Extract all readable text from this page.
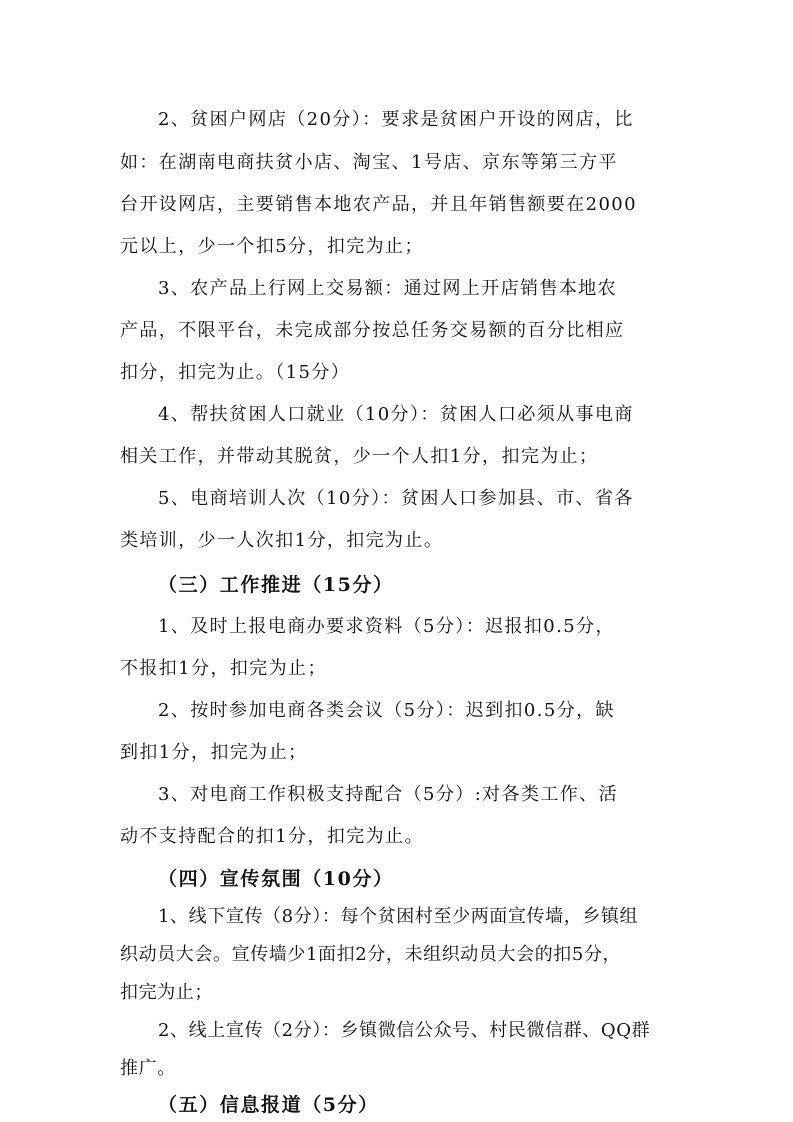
2、贫困户网店（20分）：要求是贫困户开设的网店，比

如：在湖南电商扶贫小店、淘宝、1号店、京东等第三方平

台开设网店，主要销售本地农产品，并且年销售额要在2000

元以上，少一个扣5分，扣完为止；

3、农产品上行网上交易额：通过网上开店销售本地农

产品，不限平台，未完成部分按总任务交易额的百分比相应

扣分，扣完为止。（15分）

4、帮扶贫困人口就业（10分）：贫困人口必须从事电商

相关工作，并带动其脱贫，少一个人扣1分，扣完为止；

5、电商培训人次（10分）：贫困人口参加县、市、省各

类培训，少一人次扣1分，扣完为止。

（三）工作推进（15分）

1、及时上报电商办要求资料（5分）：迟报扣0.5分，

不报扣1分，扣完为止；

2、按时参加电商各类会议（5分）：迟到扣0.5分，缺

到扣1分，扣完为止；

3、对电商工作积极支持配合（5分）:对各类工作、活

动不支持配合的扣1分，扣完为止。

（四）宣传氛围（10分）

1、线下宣传（8分）：每个贫困村至少两面宣传墙，乡镇组

织动员大会。宣传墙少1面扣2分，未组织动员大会的扣5分，

扣完为止；

2、线上宣传（2分）：乡镇微信公众号、村民微信群、QQ群

推广。

（五）信息报道（5分）
